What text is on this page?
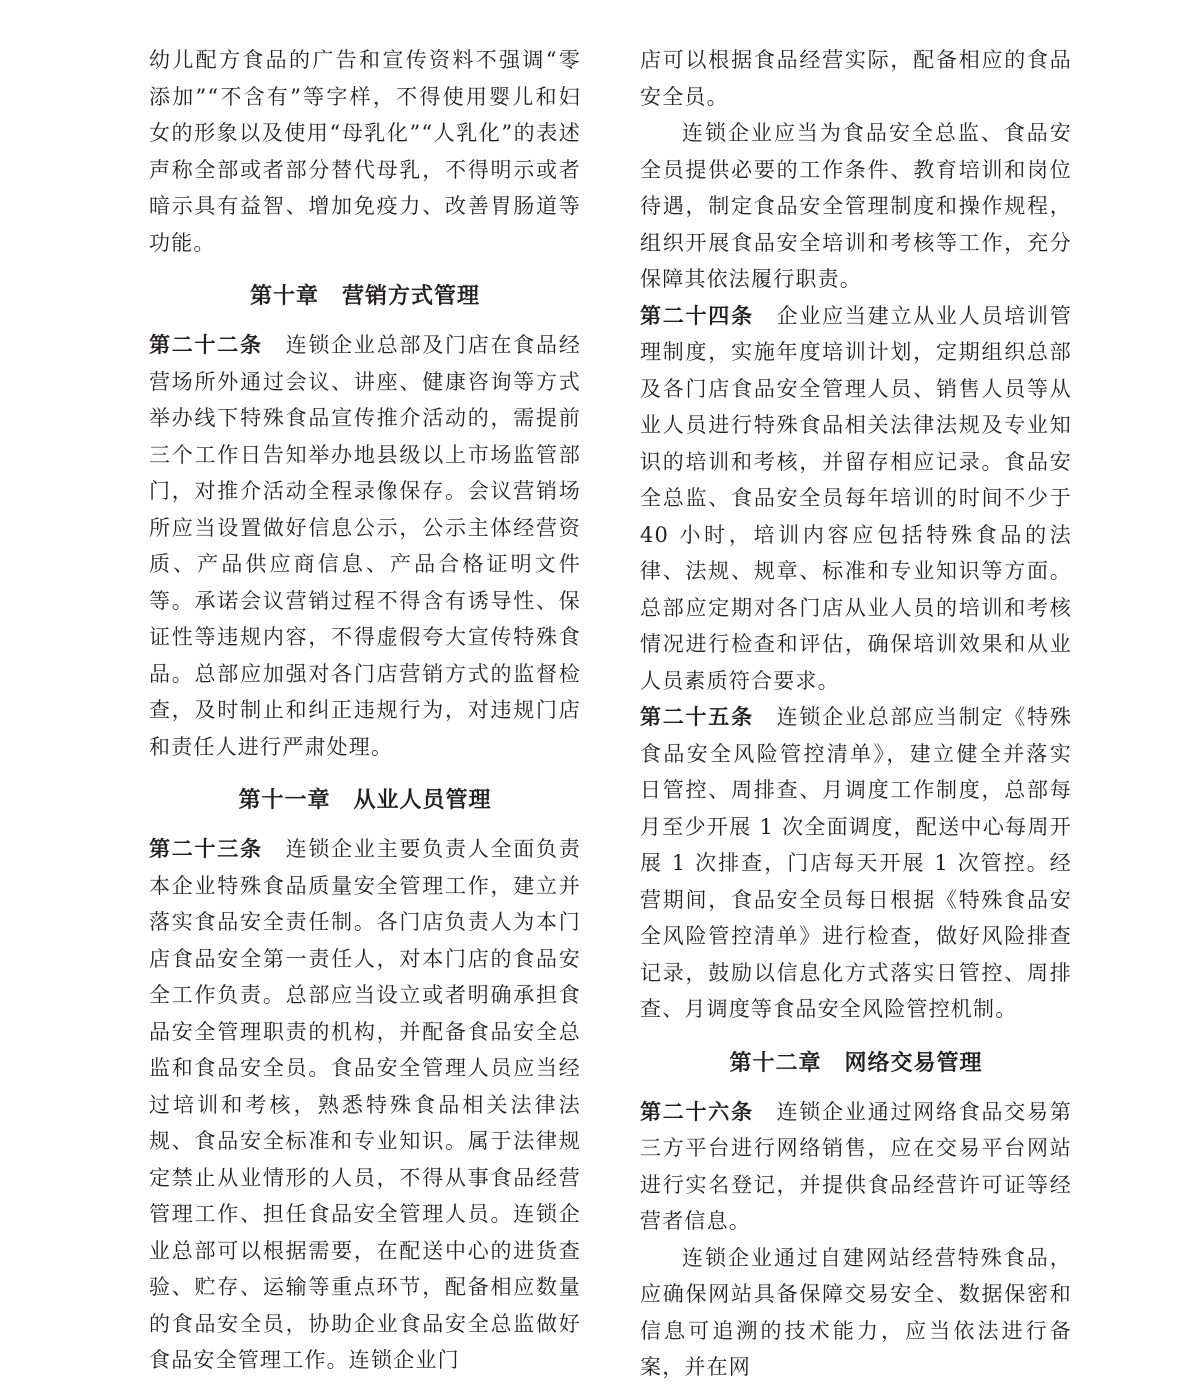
幼儿配方食品的广告和宣传资料不强调“零添加”“不含有”等字样，不得使用婴儿和妇女的形象以及使用“母乳化”“人乳化”的表述声称全部或者部分替代母乳，不得明示或者暗示具有益智、增加免疫力、改善胃肠道等功能。

第十章　营销方式管理

第二十二条　 连锁企业总部及门店在食品经营场所外通过会议、讲座、健康咨询等方式举办线下特殊食品宣传推介活动的，需提前三个工作日告知举办地县级以上市场监管部门，对推介活动全程录像保存。会议营销场所应当设置做好信息公示，公示主体经营资质、产品供应商信息、产品合格证明文件等。承诺会议营销过程不得含有诱导性、保证性等违规内容，不得虚假夸大宣传特殊食品。总部应加强对各门店营销方式的监督检查，及时制止和纠正违规行为，对违规门店和责任人进行严肃处理。

第十一章　从业人员管理

第二十三条　 连锁企业主要负责人全面负责本企业特殊食品质量安全管理工作，建立并落实食品安全责任制。各门店负责人为本门店食品安全第一责任人，对本门店的食品安全工作负责。总部应当设立或者明确承担食品安全管理职责的机构，并配备食品安全总监和食品安全员。食品安全管理人员应当经过培训和考核，熟悉特殊食品相关法律法规、食品安全标准和专业知识。属于法律规定禁止从业情形的人员，不得从事食品经营管理工作、担任食品安全管理人员。连锁企业总部可以根据需要，在配送中心的进货查验、贮存、运输等重点环节，配备相应数量的食品安全员，协助企业食品安全总监做好食品安全管理工作。连锁企业门

店可以根据食品经营实际，配备相应的食品安全员。

连锁企业应当为食品安全总监、食品安全员提供必要的工作条件、教育培训和岗位待遇，制定食品安全管理制度和操作规程，组织开展食品安全培训和考核等工作，充分保障其依法履行职责。

第二十四条　 企业应当建立从业人员培训管理制度，实施年度培训计划，定期组织总部及各门店食品安全管理人员、销售人员等从业人员进行特殊食品相关法律法规及专业知识的培训和考核，并留存相应记录。食品安全总监、食品安全员每年培训的时间不少于 40 小时，培训内容应包括特殊食品的法律、法规、规章、标准和专业知识等方面。总部应定期对各门店从业人员的培训和考核情况进行检查和评估，确保培训效果和从业人员素质符合要求。

第二十五条　 连锁企业总部应当制定《特殊食品安全风险管控清单》，建立健全并落实日管控、周排查、月调度工作制度，总部每月至少开展 1 次全面调度，配送中心每周开展 1 次排查，门店每天开展 1 次管控。经营期间，食品安全员每日根据《特殊食品安全风险管控清单》进行检查，做好风险排查记录，鼓励以信息化方式落实日管控、周排查、月调度等食品安全风险管控机制。

第十二章　网络交易管理

第二十六条　 连锁企业通过网络食品交易第三方平台进行网络销售，应在交易平台网站进行实名登记，并提供食品经营许可证等经营者信息。

连锁企业通过自建网站经营特殊食品，应确保网站具备保障交易安全、数据保密和信息可追溯的技术能力，应当依法进行备案，并在网
